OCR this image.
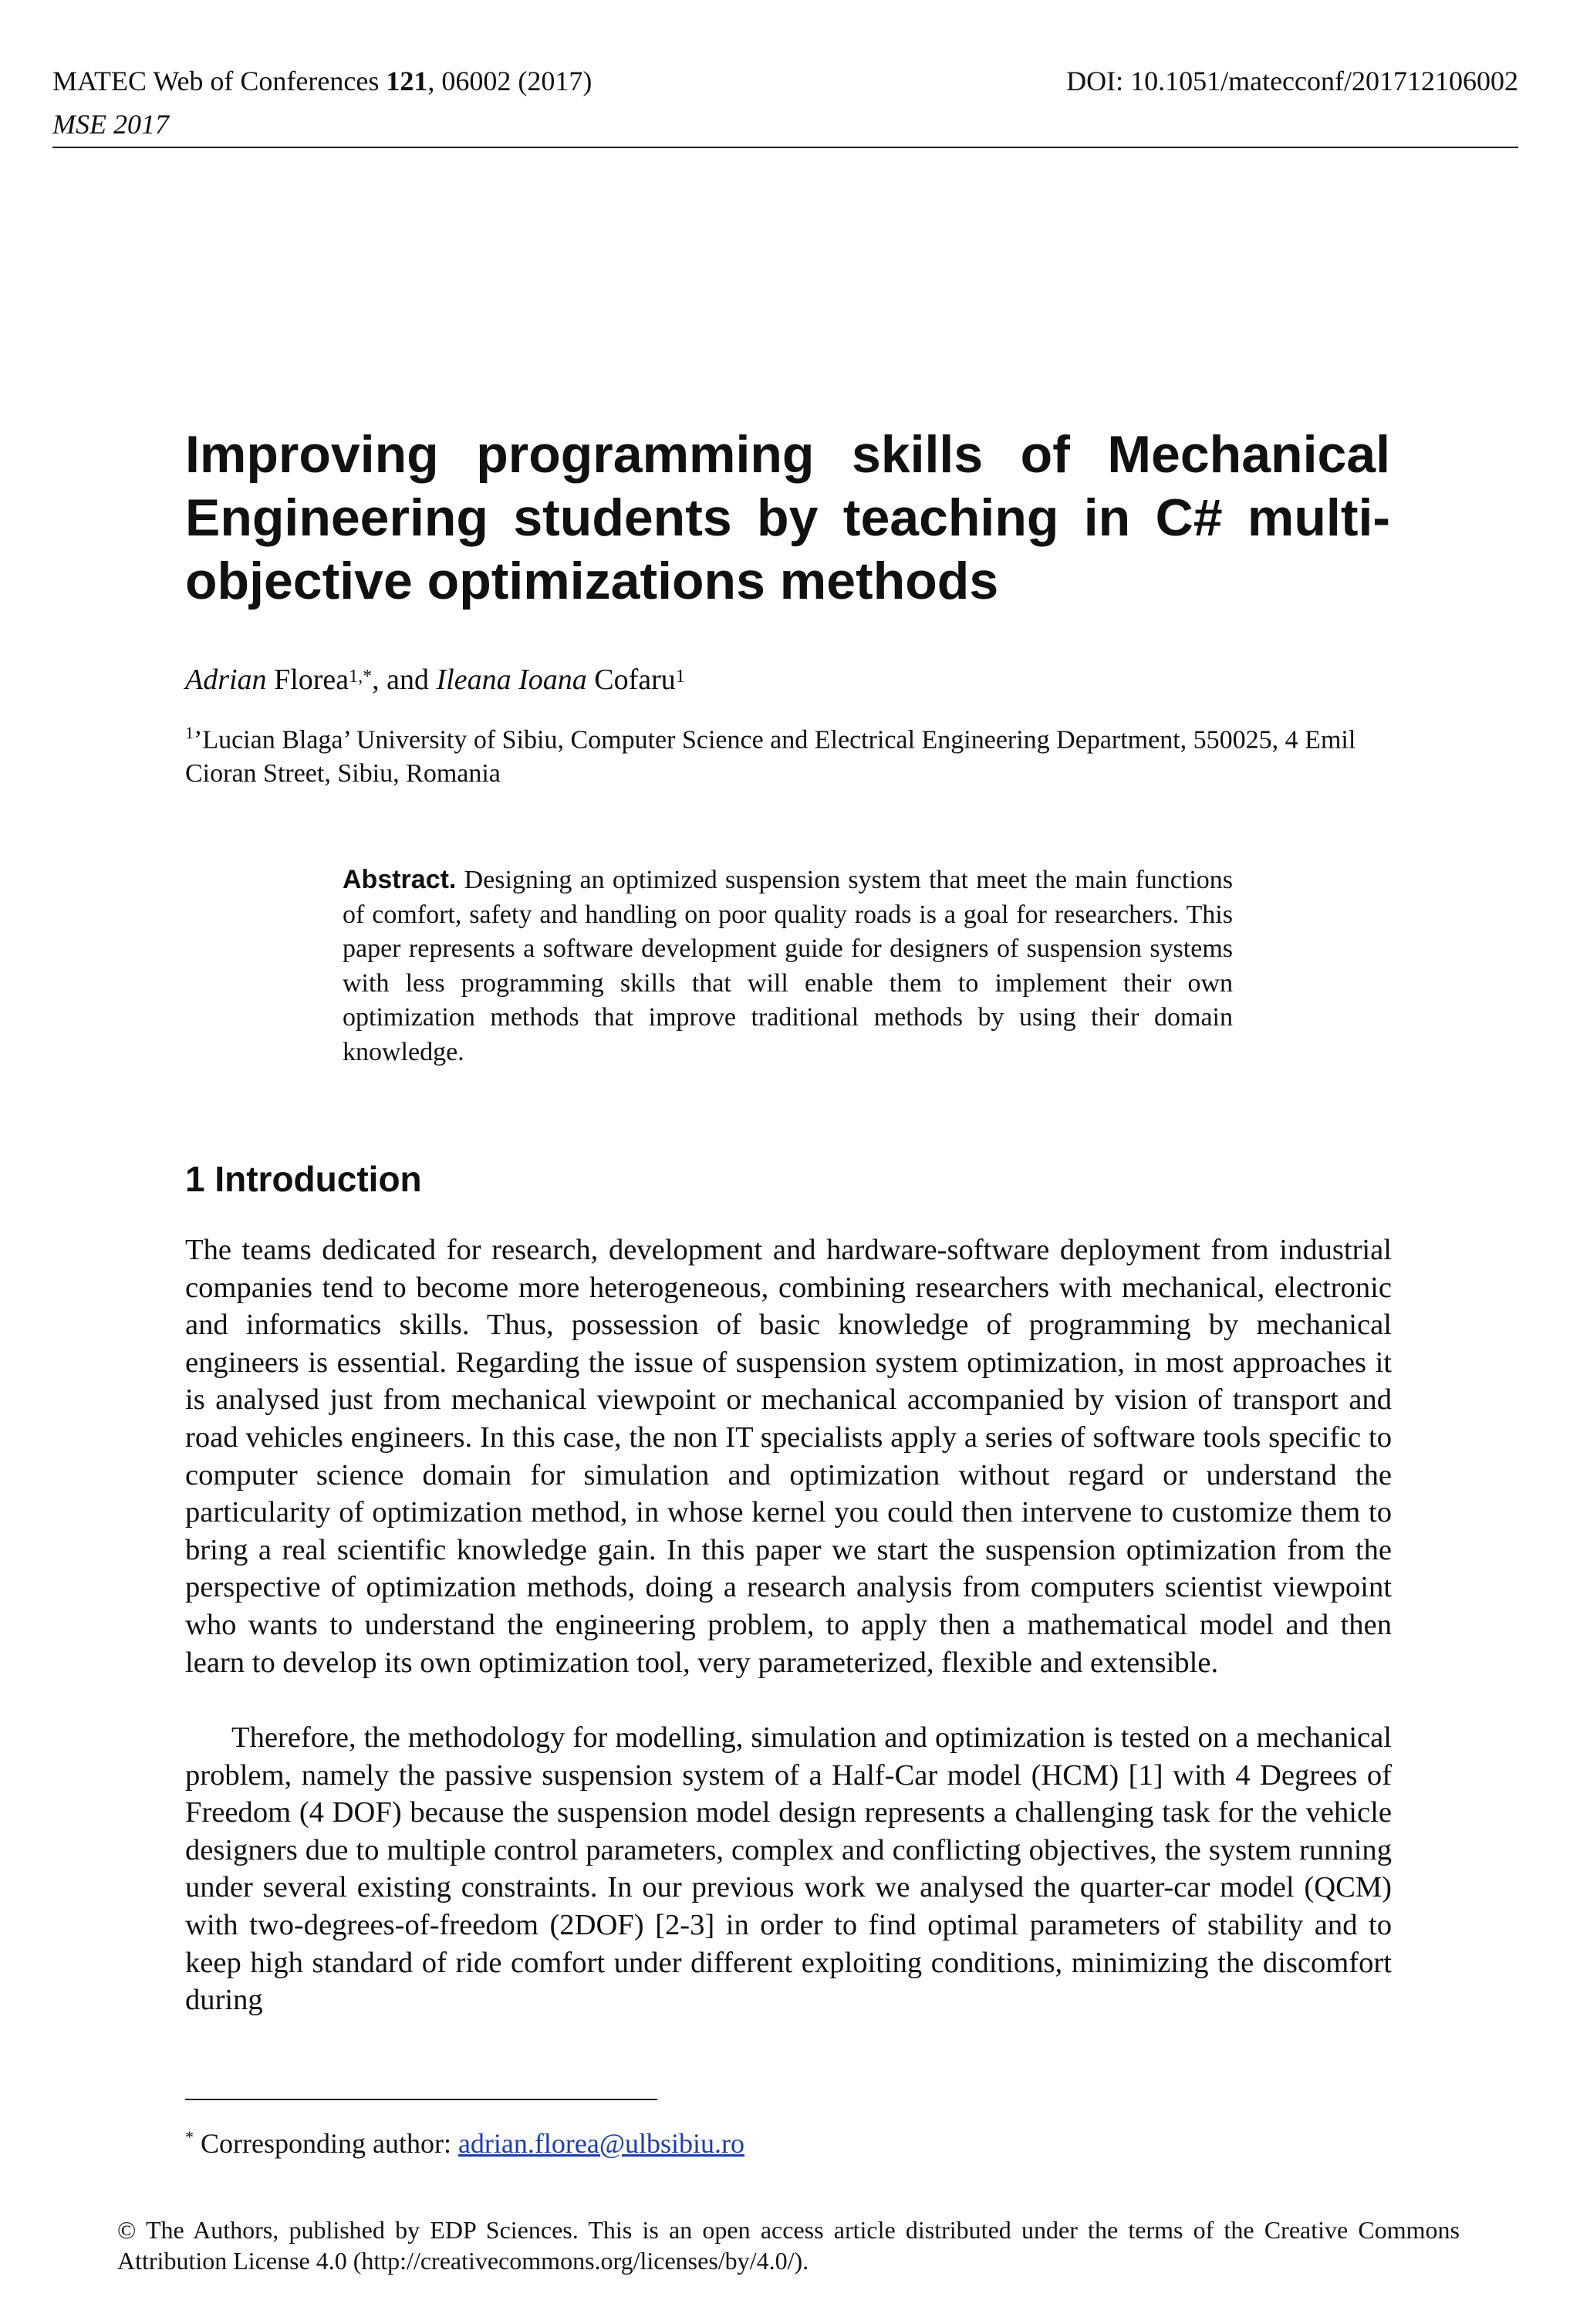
MATEC Web of Conferences 121, 06002 (2017)	DOI: 10.1051/matecconf/201712106002
MSE 2017
Improving programming skills of Mechanical Engineering students by teaching in C# multi-objective optimizations methods
Adrian Florea$^{1,*}$, and Ileana Ioana Cofaru$^1$
$^1$’Lucian Blaga’ University of Sibiu, Computer Science and Electrical Engineering Department, 550025, 4 Emil Cioran Street, Sibiu, Romania
Abstract. Designing an optimized suspension system that meet the main functions of comfort, safety and handling on poor quality roads is a goal for researchers. This paper represents a software development guide for designers of suspension systems with less programming skills that will enable them to implement their own optimization methods that improve traditional methods by using their domain knowledge.
1 Introduction
The teams dedicated for research, development and hardware-software deployment from industrial companies tend to become more heterogeneous, combining researchers with mechanical, electronic and informatics skills. Thus, possession of basic knowledge of programming by mechanical engineers is essential. Regarding the issue of suspension system optimization, in most approaches it is analysed just from mechanical viewpoint or mechanical accompanied by vision of transport and road vehicles engineers. In this case, the non IT specialists apply a series of software tools specific to computer science domain for simulation and optimization without regard or understand the particularity of optimization method, in whose kernel you could then intervene to customize them to bring a real scientific knowledge gain. In this paper we start the suspension optimization from the perspective of optimization methods, doing a research analysis from computers scientist viewpoint who wants to understand the engineering problem, to apply then a mathematical model and then learn to develop its own optimization tool, very parameterized, flexible and extensible.
Therefore, the methodology for modelling, simulation and optimization is tested on a mechanical problem, namely the passive suspension system of a Half-Car model (HCM) [1] with 4 Degrees of Freedom (4 DOF) because the suspension model design represents a challenging task for the vehicle designers due to multiple control parameters, complex and conflicting objectives, the system running under several existing constraints. In our previous work we analysed the quarter-car model (QCM) with two-degrees-of-freedom (2DOF) [2-3] in order to find optimal parameters of stability and to keep high standard of ride comfort under different exploiting conditions, minimizing the discomfort during
* Corresponding author: adrian.florea@ulbsibiu.ro
© The Authors, published by EDP Sciences. This is an open access article distributed under the terms of the Creative Commons Attribution License 4.0 (http://creativecommons.org/licenses/by/4.0/).
